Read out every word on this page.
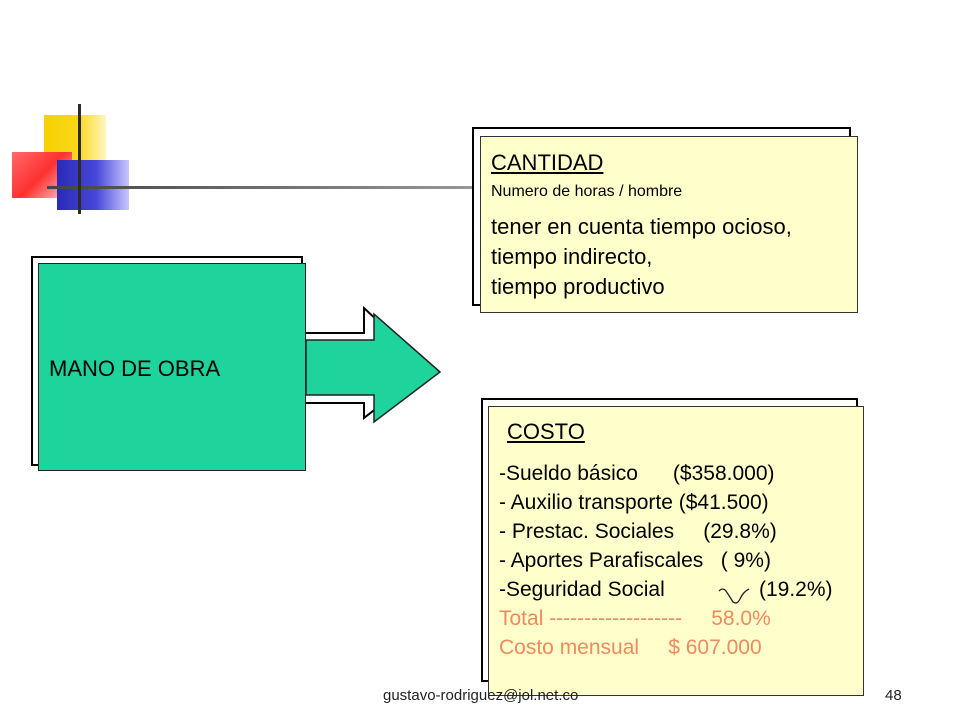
MANO DE OBRA
CANTIDAD
Numero de horas / hombre
tener en cuenta tiempo ocioso,
tiempo indirecto,
tiempo productivo
COSTO
-Sueldo básico      ($358.000)
- Auxilio transporte ($41.500)
- Prestac. Sociales     (29.8%)
- Aportes Parafiscales   ( 9%)
-Seguridad Social	(19.2%)
Total -------------------     58.0%
Costo mensual     $ 607.000
gustavo-rodriguez@jol.net.co	48
